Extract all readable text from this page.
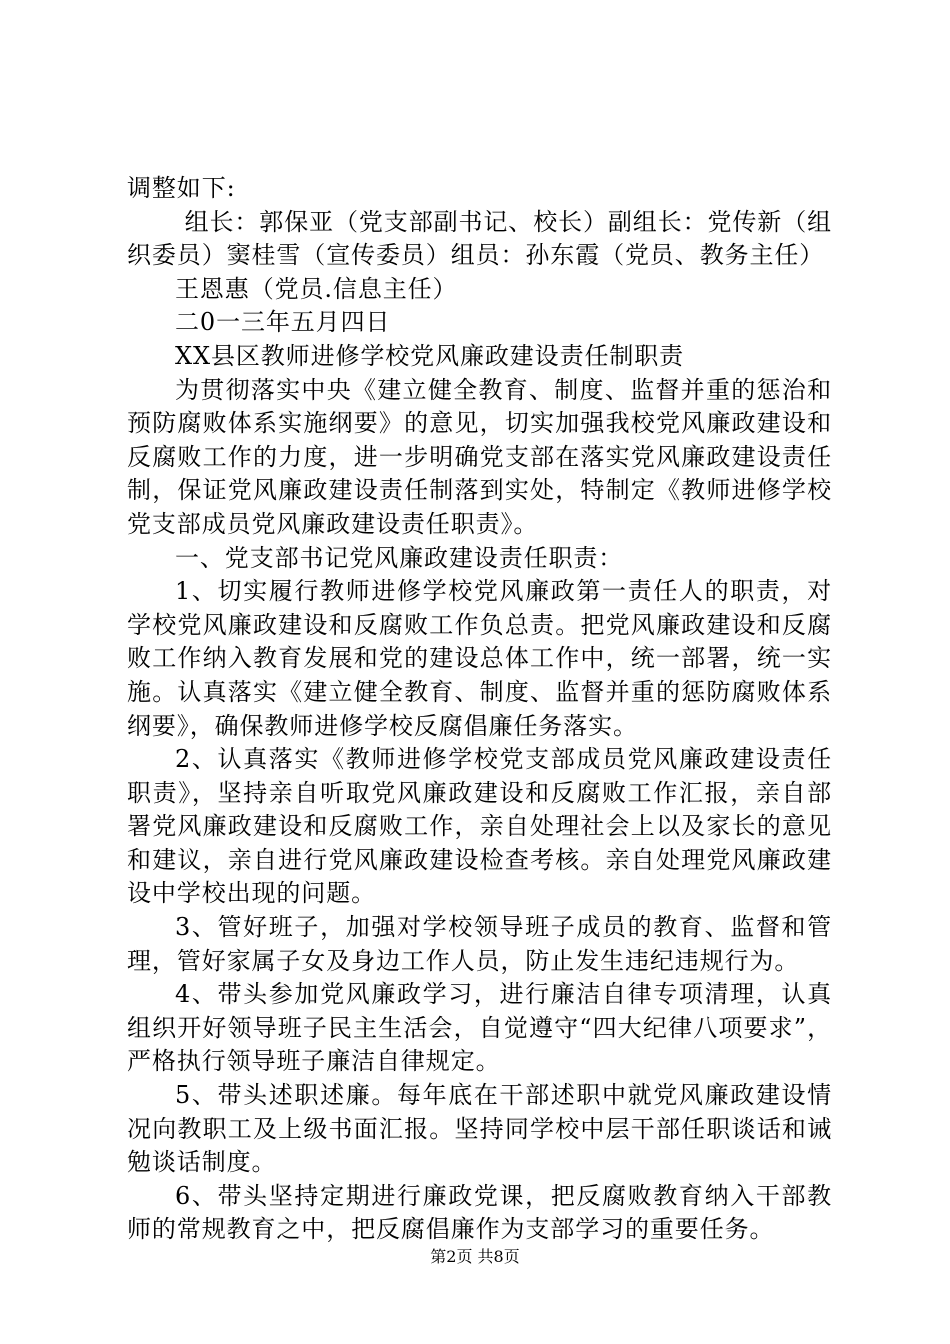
调整如下:

组长：郭保亚（党支部副书记、校长）副组长：党传新（组织委员）窦桂雪（宣传委员）组员：孙东霞（党员、教务主任）

王恩惠（党员.信息主任）

二0一三年五月四日

XX县区教师进修学校党风廉政建设责任制职责

为贯彻落实中央《建立健全教育、制度、监督并重的惩治和预防腐败体系实施纲要》的意见，切实加强我校党风廉政建设和反腐败工作的力度，进一步明确党支部在落实党风廉政建设责任制，保证党风廉政建设责任制落到实处，特制定《教师进修学校党支部成员党风廉政建设责任职责》。

一、党支部书记党风廉政建设责任职责：

1、切实履行教师进修学校党风廉政第一责任人的职责，对学校党风廉政建设和反腐败工作负总责。把党风廉政建设和反腐败工作纳入教育发展和党的建设总体工作中，统一部署，统一实施。认真落实《建立健全教育、制度、监督并重的惩防腐败体系纲要》，确保教师进修学校反腐倡廉任务落实。

2、认真落实《教师进修学校党支部成员党风廉政建设责任职责》，坚持亲自听取党风廉政建设和反腐败工作汇报，亲自部署党风廉政建设和反腐败工作，亲自处理社会上以及家长的意见和建议，亲自进行党风廉政建设检查考核。亲自处理党风廉政建设中学校出现的问题。

3、管好班子，加强对学校领导班子成员的教育、监督和管理，管好家属子女及身边工作人员，防止发生违纪违规行为。

4、带头参加党风廉政学习，进行廉洁自律专项清理，认真组织开好领导班子民主生活会，自觉遵守“四大纪律八项要求”，严格执行领导班子廉洁自律规定。

5、带头述职述廉。每年底在干部述职中就党风廉政建设情况向教职工及上级书面汇报。坚持同学校中层干部任职谈话和诫勉谈话制度。

6、带头坚持定期进行廉政党课，把反腐败教育纳入干部教师的常规教育之中，把反腐倡廉作为支部学习的重要任务。

第2页 共8页
